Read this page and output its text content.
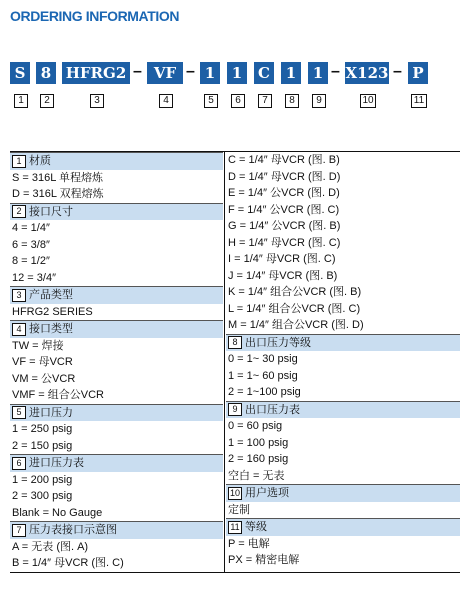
ORDERING INFORMATION
S	8 HFRG2 – VF – 1	1	C	1	1 – X123 – P
1	2	3	4	5	6	7	8	9	10	11
1 材质
S = 316L 单程熔炼
D = 316L 双程熔炼
2 接口尺寸
4 = 1/4″
6 = 3/8″
8 = 1/2″
12 = 3/4″
3 产品类型
HFRG2 SERIES
4 接口类型
TW = 焊接
VF = 母VCR
VM = 公VCR
VMF = 组合公VCR
5 进口压力
1 = 250 psig
2 = 150 psig
6 进口压力表
1 = 200 psig
2 = 300 psig
Blank = No Gauge
7 压力表接口示意图
A = 无表 (图. A)
B = 1/4″ 母VCR (图. C)
C = 1/4″ 母VCR (图. B)
D = 1/4″ 母VCR (图. D)
E = 1/4″ 公VCR (图. D)
F = 1/4″ 公VCR (图. C)
G = 1/4″ 公VCR (图. B)
H = 1/4″ 母VCR (图. C)
I = 1/4″ 母VCR (图. C)
J = 1/4″ 母VCR (图. B)
K = 1/4″ 组合公VCR (图. B)
L = 1/4″ 组合公VCR (图. C)
M = 1/4″ 组合公VCR (图. D)
8 出口压力等级
0 = 1~ 30 psig
1 = 1~ 60 psig
2 = 1~100 psig
9 出口压力表
0 = 60 psig
1 = 100 psig
2 = 160 psig
空白 = 无表
10 用户选项
定制
11 等级
P = 电解
PX = 精密电解
